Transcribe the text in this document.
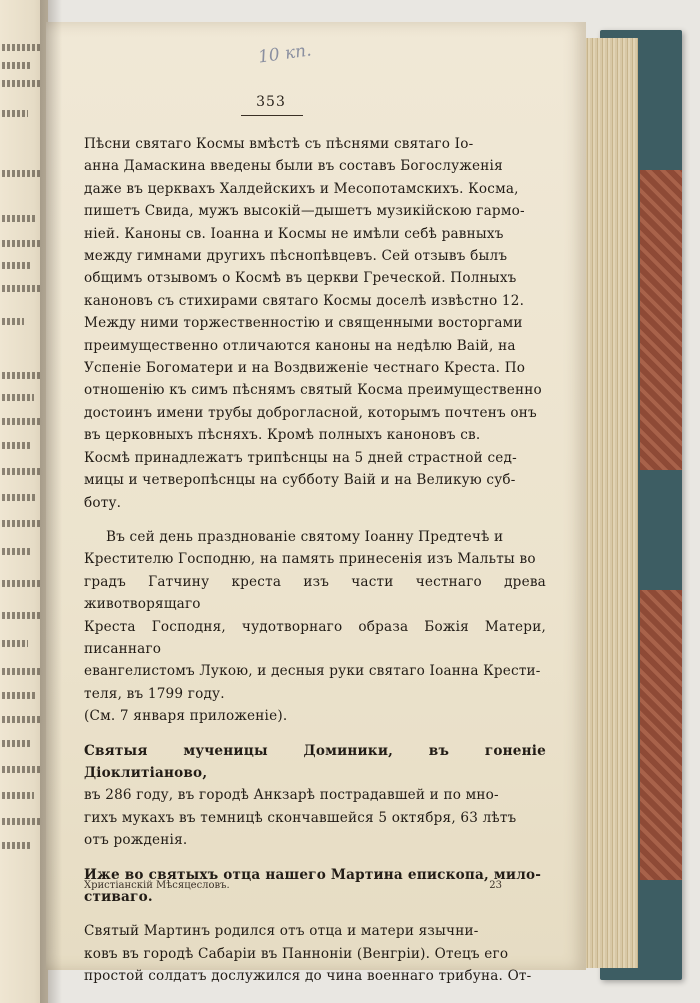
10 кп.
353

Пѣсни святаго Космы вмѣстѣ съ пѣснями святаго Іо-
анна Дамаскина введены были въ составъ Богослуженія
даже въ церквахъ Халдейскихъ и Месопотамскихъ. Косма,
пишетъ Свида, мужъ высокій—дышетъ музикійскою гармо-
ніей. Каноны св. Іоанна и Космы не имѣли себѣ равныхъ
между гимнами другихъ пѣснопѣвцевъ. Сей отзывъ былъ
общимъ отзывомъ о Космѣ въ церкви Греческой. Полныхъ
каноновъ съ стихирами святаго Космы доселѣ извѣстно 12.
Между ними торжественностію и священными восторгами
преимущественно отличаются каноны на недѣлю Ваій, на
Успеніе Богоматери и на Воздвиженіе честнаго Креста. По
отношенію къ симъ пѣснямъ святый Косма преимущественно
достоинъ имени трубы доброгласной, которымъ почтенъ онъ
въ церковныхъ пѣсняхъ. Кромѣ полныхъ каноновъ св.
Космѣ принадлежатъ трипѣснцы на 5 дней страстной сед-
мицы и четверопѣснцы на субботу Ваій и на Великую суб-
боту.

Въ сей день празднованіе святому Іоанну Предтечѣ и
Крестителю Господню, на память принесенія изъ Мальты во
градъ Гатчину креста изъ части честнаго древа животворящаго
Креста Господня, чудотворнаго образа Божія Матери, писаннаго
евангелистомъ Лукою, и десныя руки святаго Іоанна Крести-
теля, въ 1799 году.

(См. 7 января приложеніе).

Святыя мученицы Доминики, въ гоненіе Діоклитіаново,
въ 286 году, въ городѣ Анкзарѣ пострадавшей и по мно-
гихъ мукахъ въ темницѣ скончавшейся 5 октября, 63 лѣтъ
отъ рожденія.

Иже во святыхъ отца нашего Мартина епископа, мило-
стиваго.

Святый Мартинъ родился отъ отца и матери язычни-
ковъ въ городѣ Сабаріи въ Панноніи (Венгріи). Отецъ его
простой солдатъ дослужился до чина военнаго трибуна. От-

Христiанскiй Мѣсяцесловъ.	23
